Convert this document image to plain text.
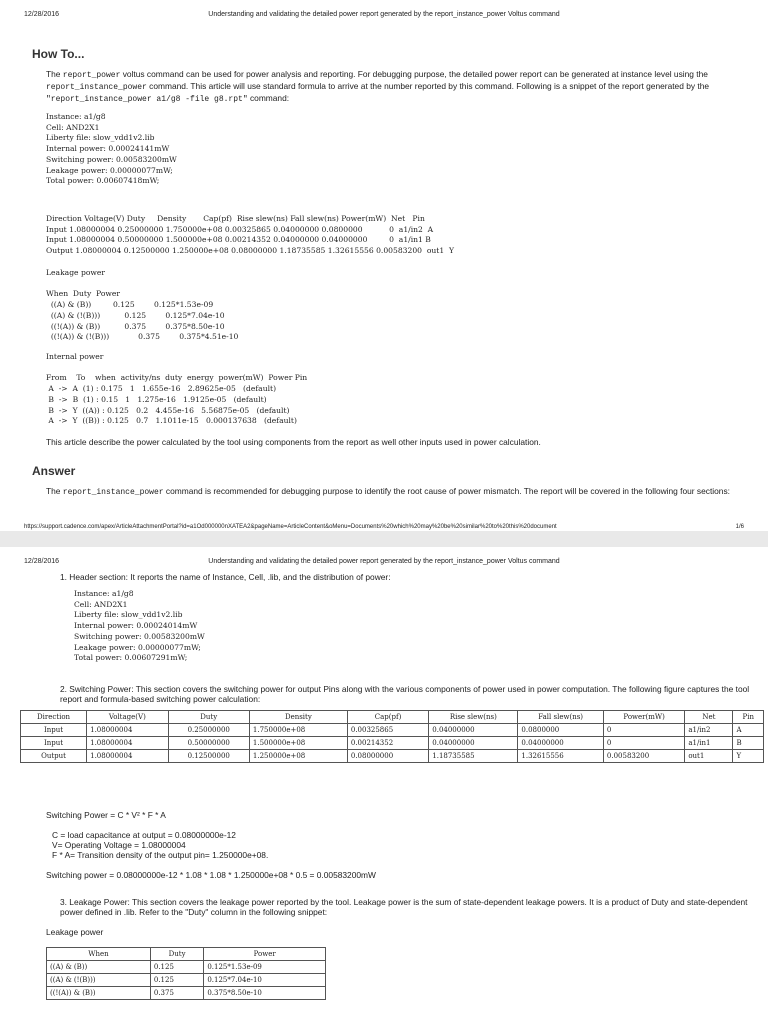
12/28/2016	Understanding and validating the detailed power report generated by the report_instance_power Voltus command
How To...

The report_power voltus command can be used for power analysis and reporting. For debugging purpose, the detailed power report can be generated at instance level using the report_instance_power command. This article will use standard formula to arrive at the number reported by this command. Following is a snippet of the report generated by the "report_instance_power a1/g8 -file g8.rpt" command:

Instance: a1/g8
Cell: AND2X1
Liberty file: slow_vdd1v2.lib
Internal power: 0.00024141mW
Switching power: 0.00583200mW
Leakage power: 0.00000077mW;
Total power: 0.00607418mW;
Direction Voltage(V) Duty     Density       Cap(pf)  Rise slew(ns) Fall slew(ns) Power(mW)  Net   Pin
Input 1.08000004 0.25000000 1.750000e+08 0.00325865 0.04000000 0.0800000           0  a1/in2  A
Input 1.08000004 0.50000000 1.500000e+08 0.00214352 0.04000000 0.04000000         0  a1/in1 B
Output 1.08000004 0.12500000 1.250000e+08 0.08000000 1.18735585 1.32615556 0.00583200  out1  Y
Leakage power

When  Duty  Power
((A) & (B))         0.125        0.125*1.53e-09
((A) & (!(B)))          0.125        0.125*7.04e-10
((!(A)) & (B))          0.375        0.375*8.50e-10
((!(A)) & (!(B)))            0.375        0.375*4.51e-10
Internal power

From    To    when  activity/ns  duty  energy  power(mW)  Power Pin
A  ->  A  (1) : 0.175   1   1.655e-16   2.89625e-05   (default)
B  ->  B  (1) : 0.15   1   1.275e-16   1.9125e-05   (default)
B  ->  Y  ((A)) : 0.125   0.2   4.455e-16   5.56875e-05   (default)
A  ->  Y  ((B)) : 0.125   0.7   1.1011e-15   0.000137638   (default)

This article describe the power calculated by the tool using components from the report as well other inputs used in power calculation.

Answer

The report_instance_power command is recommended for debugging purpose to identify the root cause of power mismatch. The report will be covered in the following four sections:

https://support.cadence.com/apex/ArticleAttachmentPortal?id=a1Od000000nXATEA2&pageName=ArticleContent&oMenu=Documents%20which%20may%20be%20similar%20to%20this%20document	1/6
12/28/2016	Understanding and validating the detailed power report generated by the report_instance_power Voltus command

1. Header section: It reports the name of Instance, Cell, .lib, and the distribution of power:

Instance: a1/g8
Cell: AND2X1
Liberty file: slow_vdd1v2.lib
Internal power: 0.00024014mW
Switching power: 0.00583200mW
Leakage power: 0.00000077mW;
Total power: 0.00607291mW;

2. Switching Power: This section covers the switching power for output Pins along with the various components of power used in power computation. The following figure captures the tool report and formula-based switching power calculation:

Direction	Voltage(V)	Duty	Density	Cap(pf)	Rise slew(ns)	Fall slew(ns)	Power(mW)	Net	Pin
Input	1.08000004	0.25000000	1.750000e+08	0.00325865	0.04000000	0.0800000	0	a1/in2	A
Input	1.08000004	0.50000000	1.500000e+08	0.00214352	0.04000000	0.04000000	0	a1/in1	B
Output	1.08000004	0.12500000	1.250000e+08	0.08000000	1.18735585	1.32615556	0.00583200	out1	Y

Switching Power = C * V² * F * A

C = load capacitance at output = 0.08000000e-12

V= Operating Voltage = 1.08000004

F * A= Transition density of the output pin= 1.250000e+08.

Switching power = 0.08000000e-12 * 1.08 * 1.08 * 1.250000e+08 * 0.5 = 0.00583200mW

3. Leakage Power: This section covers the leakage power reported by the tool. Leakage power is the sum of state-dependent leakage powers. It is a product of Duty and state-dependent power defined in .lib. Refer to the "Duty" column in the following snippet:

Leakage power

When	Duty	Power
((A) & (B))	0.125	0.125*1.53e-09
((A) & (!(B)))	0.125	0.125*7.04e-10
((!(A)) & (B))	0.375	0.375*8.50e-10
